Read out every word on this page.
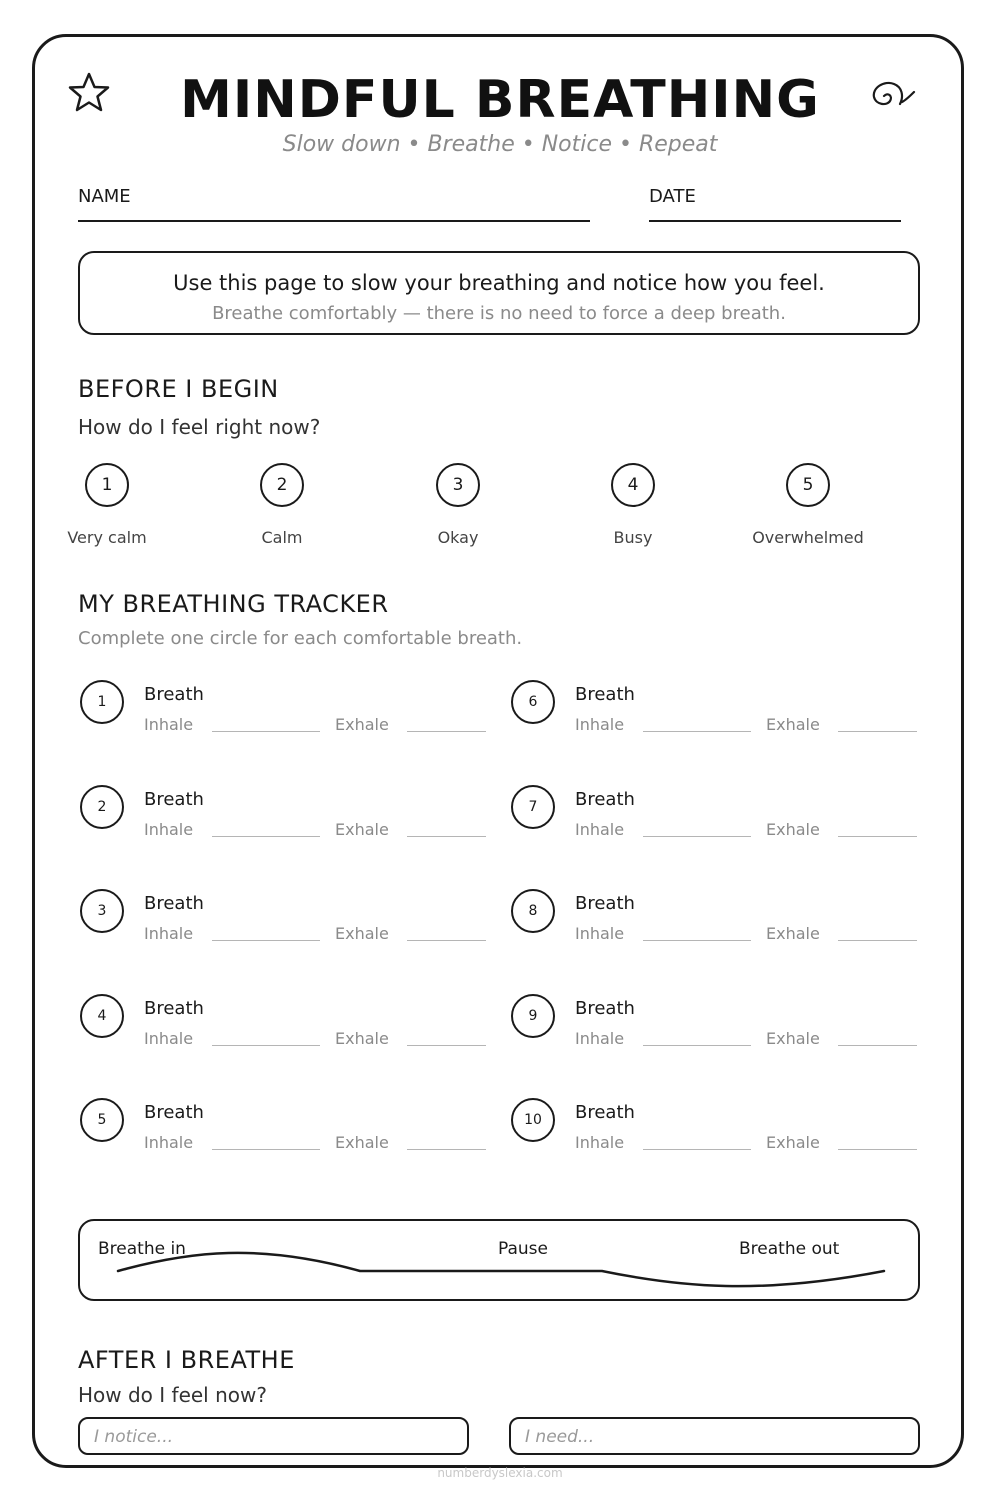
MINDFUL BREATHING
Slow down • Breathe • Notice • Repeat
NAME	DATE
Use this page to slow your breathing and notice how you feel.
Breathe comfortably — there is no need to force a deep breath.
BEFORE I BEGIN
How do I feel right now?
1	2	3	4	5
Very calm	Calm	Okay	Busy	Overwhelmed
MY BREATHING TRACKER
Complete one circle for each comfortable breath.
1	Breath
Inhale	Exhale
2	Breath
Inhale	Exhale
3	Breath
Inhale	Exhale
4	Breath
Inhale	Exhale
5	Breath
Inhale	Exhale
6	Breath
Inhale	Exhale
7	Breath
Inhale	Exhale
8	Breath
Inhale	Exhale
9	Breath
Inhale	Exhale
10	Breath
Inhale	Exhale
Breathe in	Pause	Breathe out
AFTER I BREATHE
How do I feel now?
I notice...	I need...
numberdyslexia.com
